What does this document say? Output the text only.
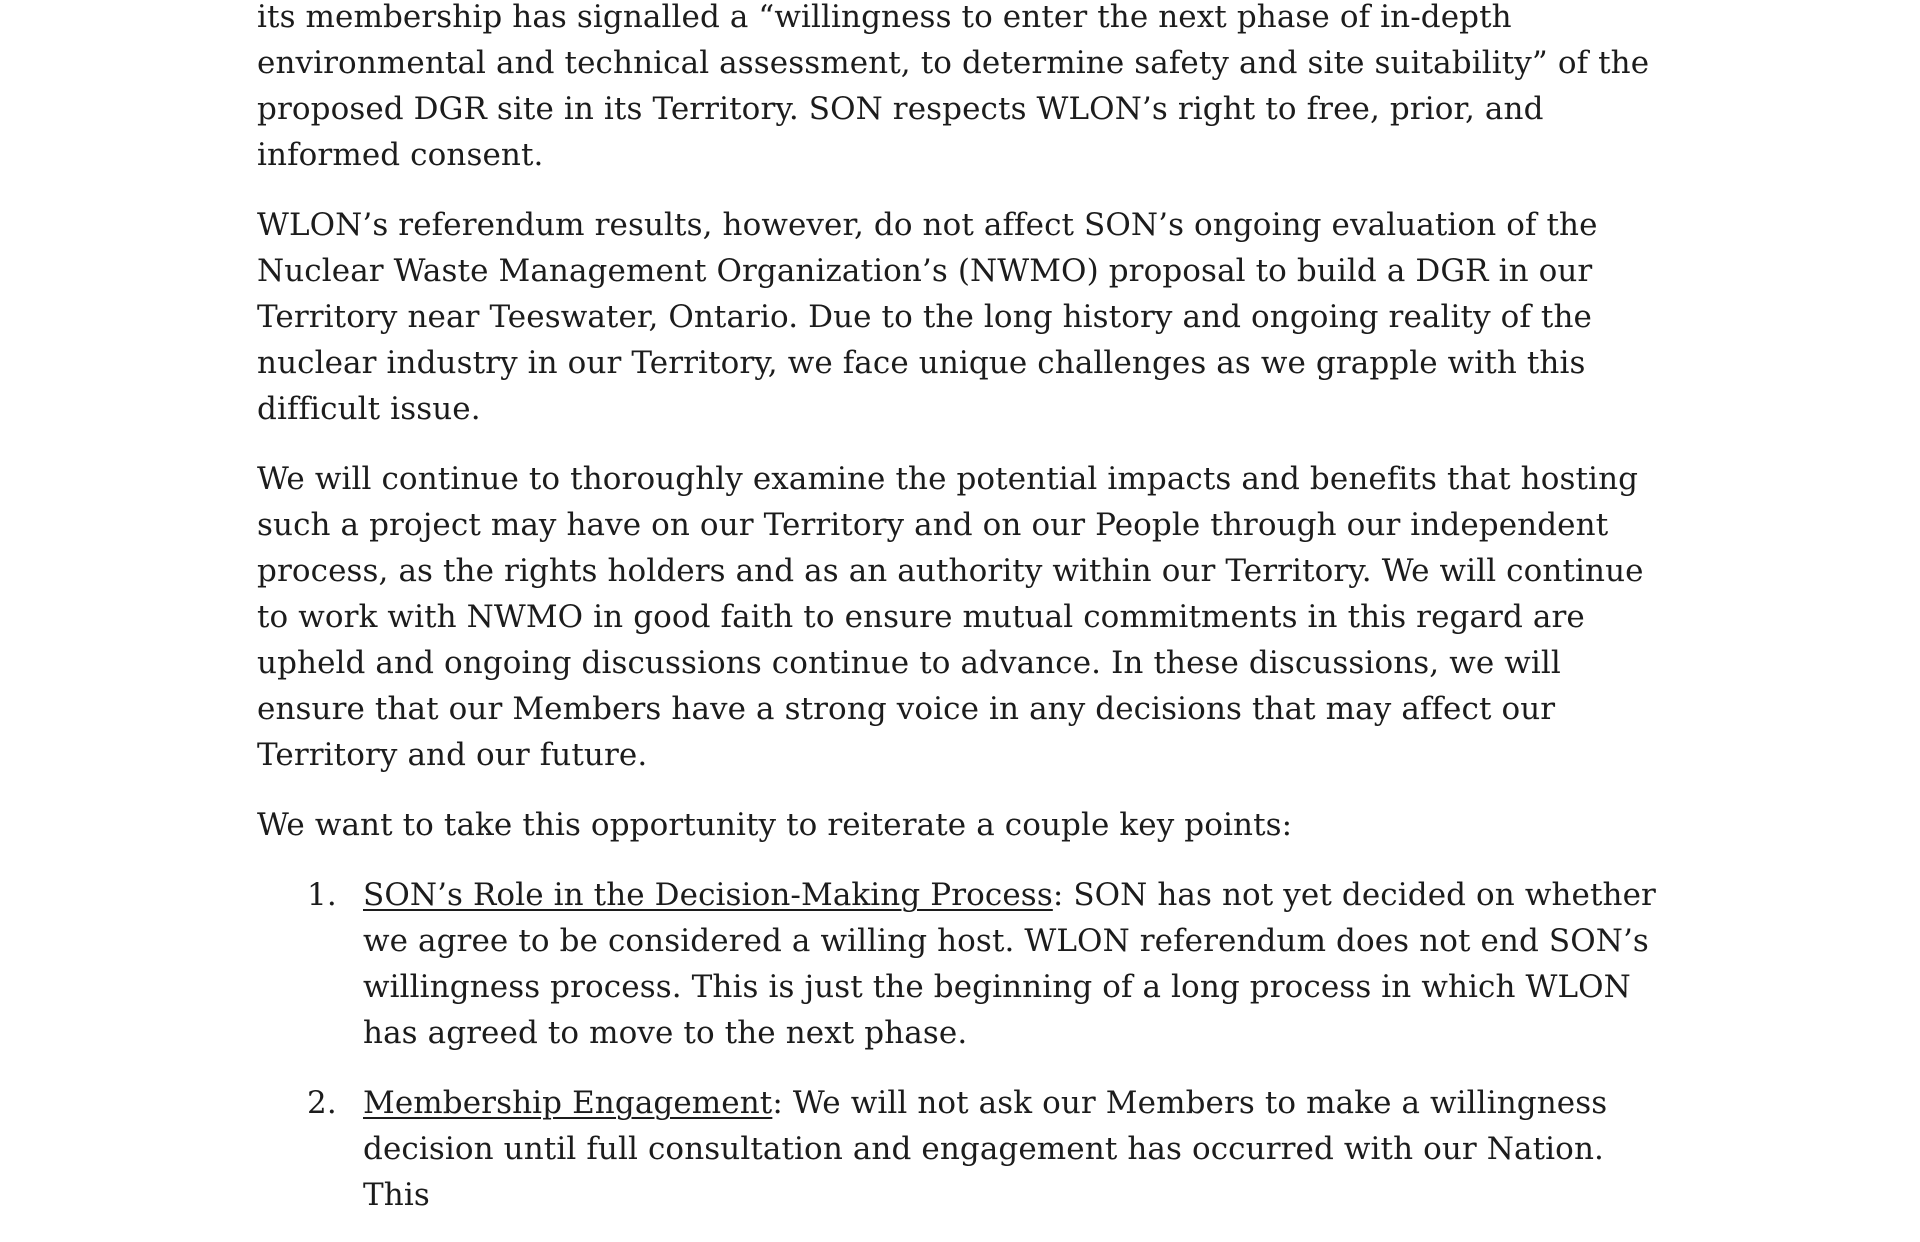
its membership has signalled a “willingness to enter the next phase of in-depth environmental and technical assessment, to determine safety and site suitability” of the proposed DGR site in its Territory. SON respects WLON’s right to free, prior, and informed consent.

WLON’s referendum results, however, do not affect SON’s ongoing evaluation of the Nuclear Waste Management Organization’s (NWMO) proposal to build a DGR in our Territory near Teeswater, Ontario. Due to the long history and ongoing reality of the nuclear industry in our Territory, we face unique challenges as we grapple with this difficult issue.

We will continue to thoroughly examine the potential impacts and benefits that hosting such a project may have on our Territory and on our People through our independent process, as the rights holders and as an authority within our Territory. We will continue to work with NWMO in good faith to ensure mutual commitments in this regard are upheld and ongoing discussions continue to advance. In these discussions, we will ensure that our Members have a strong voice in any decisions that may affect our Territory and our future.

We want to take this opportunity to reiterate a couple key points:

1. SON’s Role in the Decision-Making Process: SON has not yet decided on whether we agree to be considered a willing host. WLON referendum does not end SON’s willingness process. This is just the beginning of a long process in which WLON has agreed to move to the next phase.
2. Membership Engagement: We will not ask our Members to make a willingness decision until full consultation and engagement has occurred with our Nation. This
